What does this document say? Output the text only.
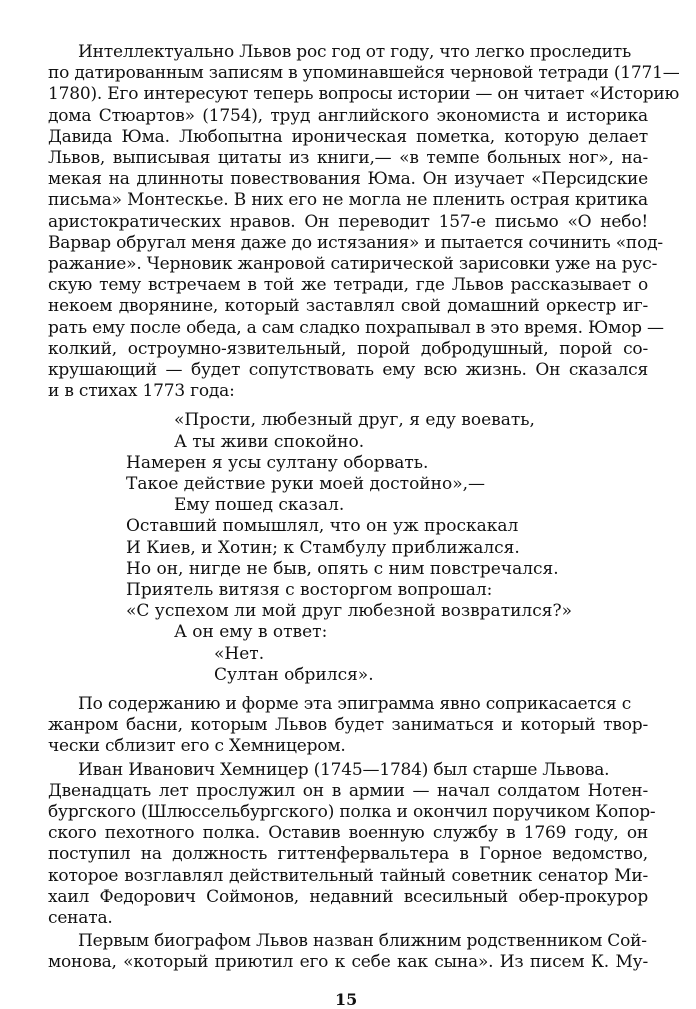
Интеллектуально Львов рос год от году, что легко проследить
по датированным записям в упоминавшейся черновой тетради (1771—
1780). Его интересуют теперь вопросы истории — он читает «Историю
дома Стюартов» (1754), труд английского экономиста и историка
Давида Юма. Любопытна ироническая пометка, которую делает
Львов, выписывая цитаты из книги,— «в темпе больных ног», на-
мекая на длинноты повествования Юма. Он изучает «Персидские
письма» Монтескье. В них его не могла не пленить острая критика
аристократических нравов. Он переводит 157-е письмо «О небо!
Варвар обругал меня даже до истязания» и пытается сочинить «под-
ражание». Черновик жанровой сатирической зарисовки уже на рус-
скую тему встречаем в той же тетради, где Львов рассказывает о
некоем дворянине, который заставлял свой домашний оркестр иг-
рать ему после обеда, а сам сладко похрапывал в это время. Юмор —
колкий, остроумно-язвительный, порой добродушный, порой со-
крушающий — будет сопутствовать ему всю жизнь. Он сказался
и в стихах 1773 года:
«Прости, любезный друг, я еду воевать,
А ты живи спокойно.
Намерен я усы султану оборвать.
Такое действие руки моей достойно»,—
Ему пошед сказал.
Оставший помышлял, что он уж проскакал
И Киев, и Хотин; к Стамбулу приближался.
Но он, нигде не быв, опять с ним повстречался.
Приятель витязя с восторгом вопрошал:
«С успехом ли мой друг любезной возвратился?»
А он ему в ответ:
«Нет.
Султан обрился».
По содержанию и форме эта эпиграмма явно соприкасается с
жанром басни, которым Львов будет заниматься и который твор-
чески сблизит его с Хемницером.
Иван Иванович Хемницер (1745—1784) был старше Львова.
Двенадцать лет прослужил он в армии — начал солдатом Нотен-
бургского (Шлюссельбургского) полка и окончил поручиком Копор-
ского пехотного полка. Оставив военную службу в 1769 году, он
поступил на должность гиттенфервальтера в Горное ведомство,
которое возглавлял действительный тайный советник сенатор Ми-
хаил Федорович Соймонов, недавний всесильный обер-прокурор
сената.
Первым биографом Львов назван ближним родственником Сой-
монова, «который приютил его к себе как сына». Из писем К. Му-
15
